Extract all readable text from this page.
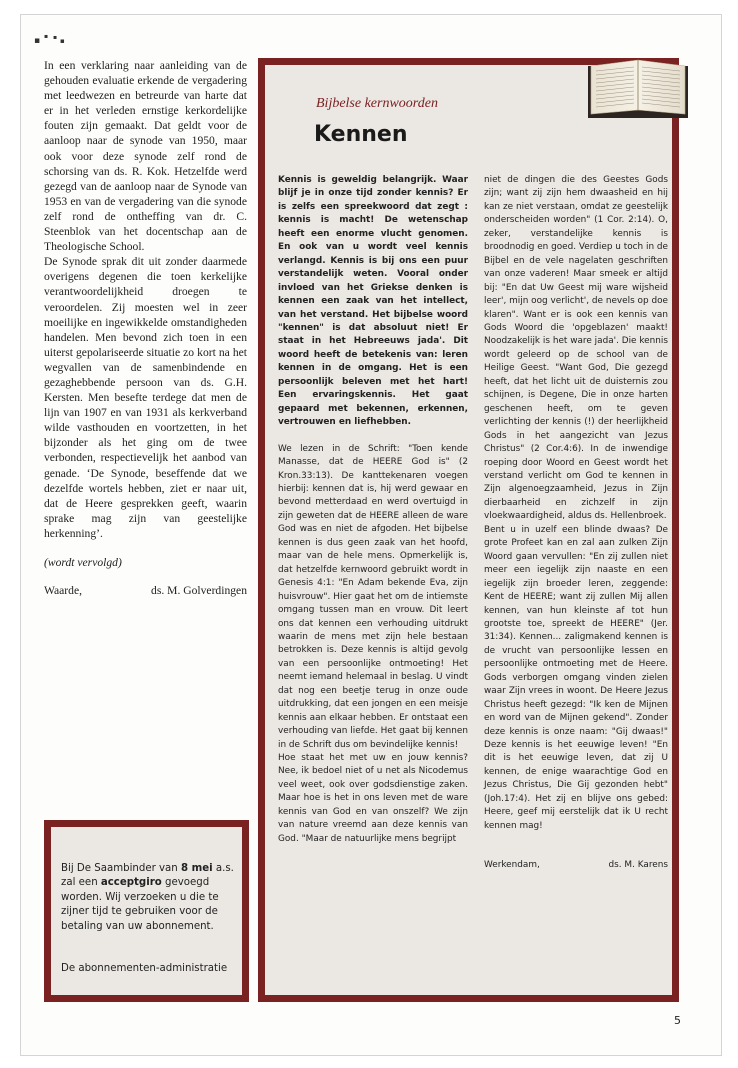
▪ ▪ ▪ ▪

In een verklaring naar aanleiding van de gehouden evaluatie erkende de vergadering met leedwezen en betreurde van harte dat er in het verleden ernstige kerkordelijke fouten zijn gemaakt. Dat geldt voor de aanloop naar de synode van 1950, maar ook voor deze synode zelf rond de schorsing van ds. R. Kok. Hetzelfde werd gezegd van de aanloop naar de Synode van 1953 en van de vergadering van die synode zelf rond de ontheffing van dr. C. Steenblok van het docentschap aan de Theologische School.

De Synode sprak dit uit zonder daarmede overigens degenen die toen kerkelijke verantwoordelijkheid droegen te veroordelen. Zij moesten wel in zeer moeilijke en ingewikkelde omstandigheden handelen. Men bevond zich toen in een uiterst gepolariseerde situatie zo kort na het wegvallen van de samenbindende en gezaghebbende persoon van ds. G.H. Kersten. Men besefte terdege dat men de lijn van 1907 en van 1931 als kerkverband wilde vasthouden en voortzetten, in het bijzonder als het ging om de twee verbonden, respectievelijk het aanbod van genade. ‘De Synode, beseffende dat we dezelfde wortels hebben, ziet er naar uit, dat de Heere gesprekken geeft, waarin sprake mag zijn van geestelijke herkenning’.

(wordt vervolgd)

Waarde,	ds. M. Golverdingen

Bij De Saambinder van 8 mei a.s. zal een acceptgiro gevoegd worden. Wij verzoeken u die te zijner tijd te gebruiken voor de betaling van uw abonnement.

De abonnementen-administratie
Bijbelse kernwoorden
Kennen

Kennis is geweldig belangrijk. Waar blijf je in onze tijd zonder kennis? Er is zelfs een spreekwoord dat zegt : kennis is macht! De wetenschap heeft een enorme vlucht genomen. En ook van u wordt veel kennis verlangd. Kennis is bij ons een puur verstandelijk weten. Vooral onder invloed van het Griekse denken is kennen een zaak van het intellect, van het verstand. Het bijbelse woord "kennen" is dat absoluut niet! Er staat in het Hebreeuws jada'. Dit woord heeft de betekenis van: leren kennen in de omgang. Het is een persoonlijk beleven met het hart! Een ervaringskennis. Het gaat gepaard met bekennen, erkennen, vertrouwen en liefhebben.

We lezen in de Schrift: "Toen kende Manasse, dat de HEERE God is" (2 Kron.33:13). De kanttekenaren voegen hierbij: kennen dat is, hij werd gewaar en bevond metterdaad en werd overtuigd in zijn geweten dat de HEERE alleen de ware God was en niet de afgoden. Het bijbelse kennen is dus geen zaak van het hoofd, maar van de hele mens. Opmerkelijk is, dat hetzelfde kernwoord gebruikt wordt in Genesis 4:1: "En Adam bekende Eva, zijn huisvrouw". Hier gaat het om de intiemste omgang tussen man en vrouw. Dit leert ons dat kennen een verhouding uitdrukt waarin de mens met zijn hele bestaan betrokken is. Deze kennis is altijd gevolg van een persoonlijke ontmoeting! Het neemt iemand helemaal in beslag. U vindt dat nog een beetje terug in onze oude uitdrukking, dat een jongen en een meisje kennis aan elkaar hebben. Er ontstaat een verhouding van liefde. Het gaat bij kennen in de Schrift dus om bevindelijke kennis!

Hoe staat het met uw en jouw kennis? Nee, ik bedoel niet of u net als Nicodemus veel weet, ook over godsdienstige zaken. Maar hoe is het in ons leven met de ware kennis van God en van onszelf? We zijn van nature vreemd aan deze kennis van God. "Maar de natuurlijke mens begrijpt

niet de dingen die des Geestes Gods zijn; want zij zijn hem dwaasheid en hij kan ze niet verstaan, omdat ze geestelijk onderscheiden worden" (1 Cor. 2:14). O, zeker, verstandelijke kennis is broodnodig en goed. Verdiep u toch in de Bijbel en de vele nagelaten geschriften van onze vaderen! Maar smeek er altijd bij: "En dat Uw Geest mij ware wijsheid leer', mijn oog verlicht', de nevels op doe klaren". Want er is ook een kennis van Gods Woord die 'opgeblazen' maakt! Noodzakelijk is het ware jada'. Die kennis wordt geleerd op de school van de Heilige Geest. "Want God, Die gezegd heeft, dat het licht uit de duisternis zou schijnen, is Degene, Die in onze harten geschenen heeft, om te geven verlichting der kennis (!) der heerlijkheid Gods in het aangezicht van Jezus Christus" (2 Cor.4:6). In de inwendige roeping door Woord en Geest wordt het verstand verlicht om God te kennen in Zijn algenoegzaamheid, Jezus in Zijn dierbaarheid en zichzelf in zijn vloekwaardigheid, aldus ds. Hellenbroek.

Bent u in uzelf een blinde dwaas? De grote Profeet kan en zal aan zulken Zijn Woord gaan vervullen: "En zij zullen niet meer een iegelijk zijn naaste en een iegelijk zijn broeder leren, zeggende: Kent de HEERE; want zij zullen Mij allen kennen, van hun kleinste af tot hun grootste toe, spreekt de HEERE" (Jer. 31:34). Kennen... zaligmakend kennen is de vrucht van persoonlijke lessen en persoonlijke ontmoeting met de Heere. Gods verborgen omgang vinden zielen waar Zijn vrees in woont. De Heere Jezus Christus heeft gezegd: "Ik ken de Mijnen en word van de Mijnen gekend". Zonder deze kennis is onze naam: "Gij dwaas!" Deze kennis is het eeuwige leven! "En dit is het eeuwige leven, dat zij U kennen, de enige waarachtige God en Jezus Christus, Die Gij gezonden hebt" (Joh.17:4). Het zij en blijve ons gebed: Heere, geef mij eerstelijk dat ik U recht kennen mag!

Werkendam,	ds. M. Karens

5
